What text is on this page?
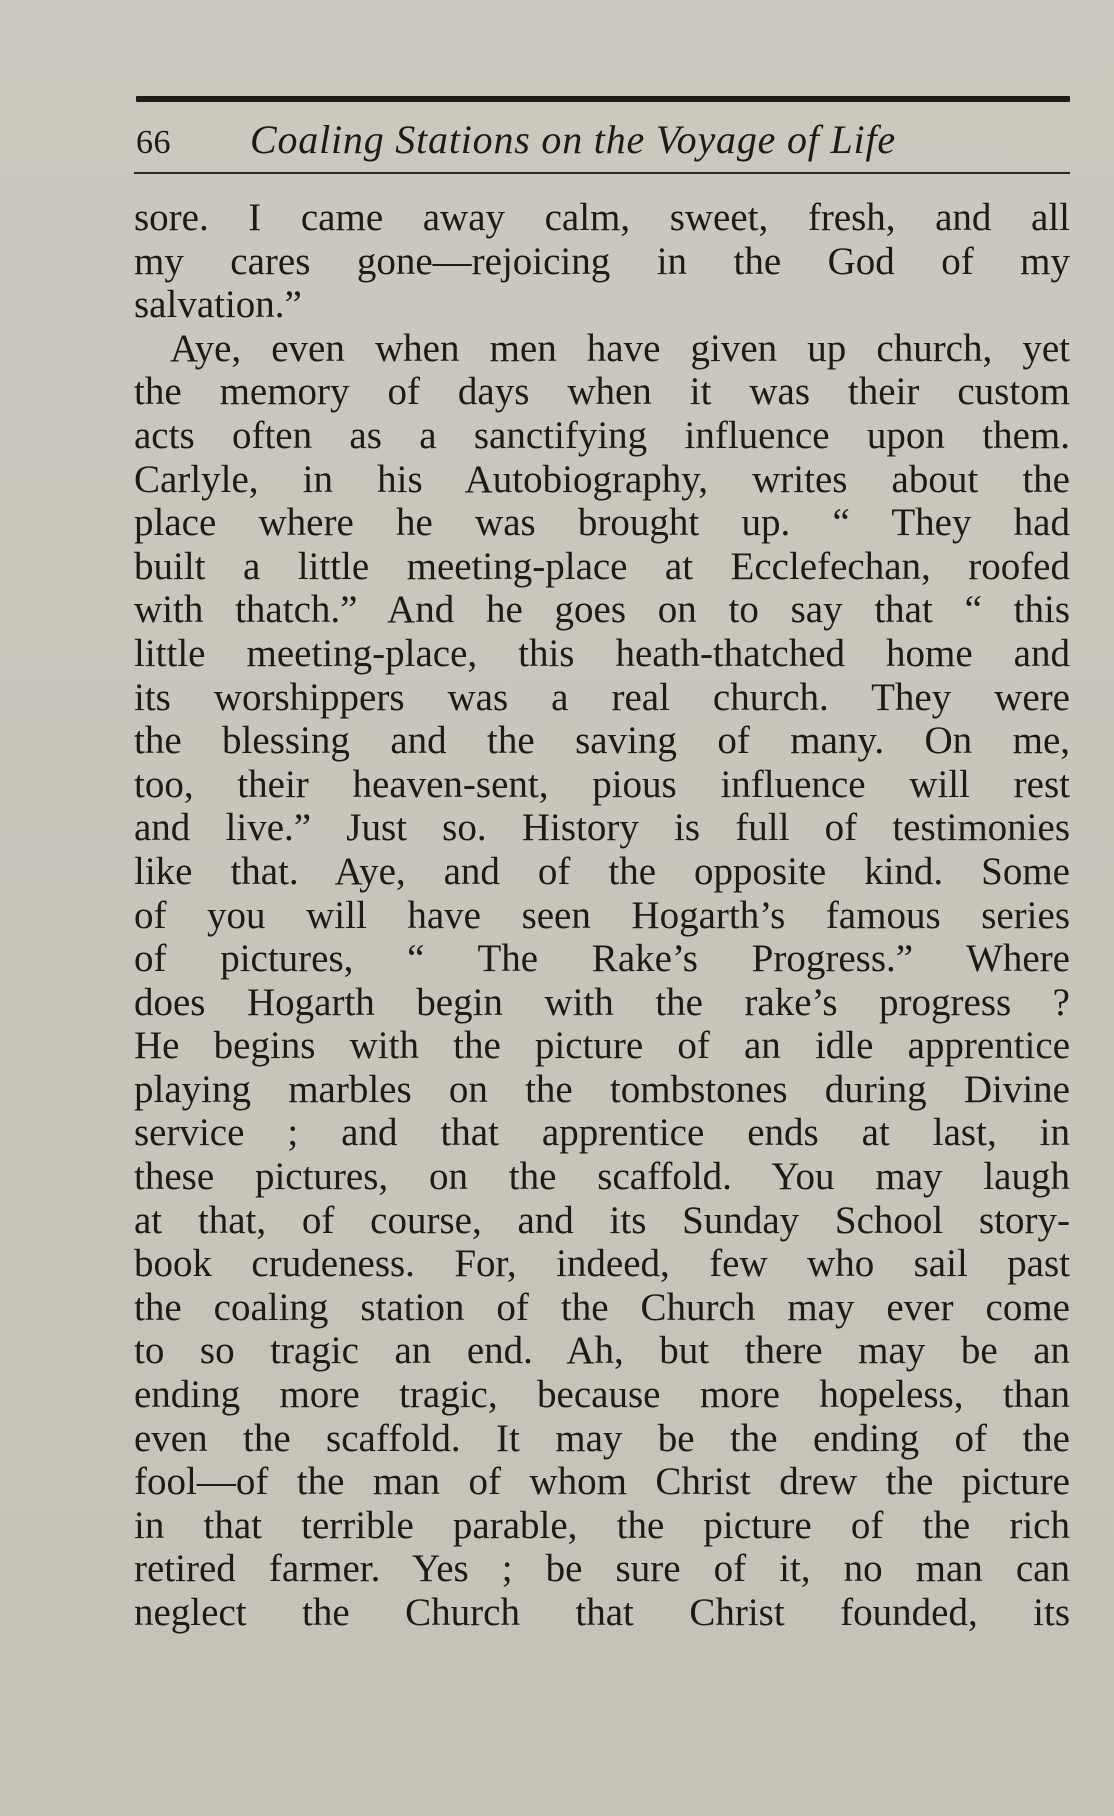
66	Coaling Stations on the Voyage of Life
sore. I came away calm, sweet, fresh, and all
my cares gone—rejoicing in the God of my
salvation.”
Aye, even when men have given up church, yet
the memory of days when it was their custom
acts often as a sanctifying influence upon them.
Carlyle, in his Autobiography, writes about the
place where he was brought up. “ They had
built a little meeting-place at Ecclefechan, roofed
with thatch.” And he goes on to say that “ this
little meeting-place, this heath-thatched home and
its worshippers was a real church. They were
the blessing and the saving of many. On me,
too, their heaven-sent, pious influence will rest
and live.” Just so. History is full of testimonies
like that. Aye, and of the opposite kind. Some
of you will have seen Hogarth’s famous series
of pictures, “ The Rake’s Progress.” Where
does Hogarth begin with the rake’s progress ?
He begins with the picture of an idle apprentice
playing marbles on the tombstones during Divine
service ; and that apprentice ends at last, in
these pictures, on the scaffold. You may laugh
at that, of course, and its Sunday School story-
book crudeness. For, indeed, few who sail past
the coaling station of the Church may ever come
to so tragic an end. Ah, but there may be an
ending more tragic, because more hopeless, than
even the scaffold. It may be the ending of the
fool—of the man of whom Christ drew the picture
in that terrible parable, the picture of the rich
retired farmer. Yes ; be sure of it, no man can
neglect the Church that Christ founded, its
